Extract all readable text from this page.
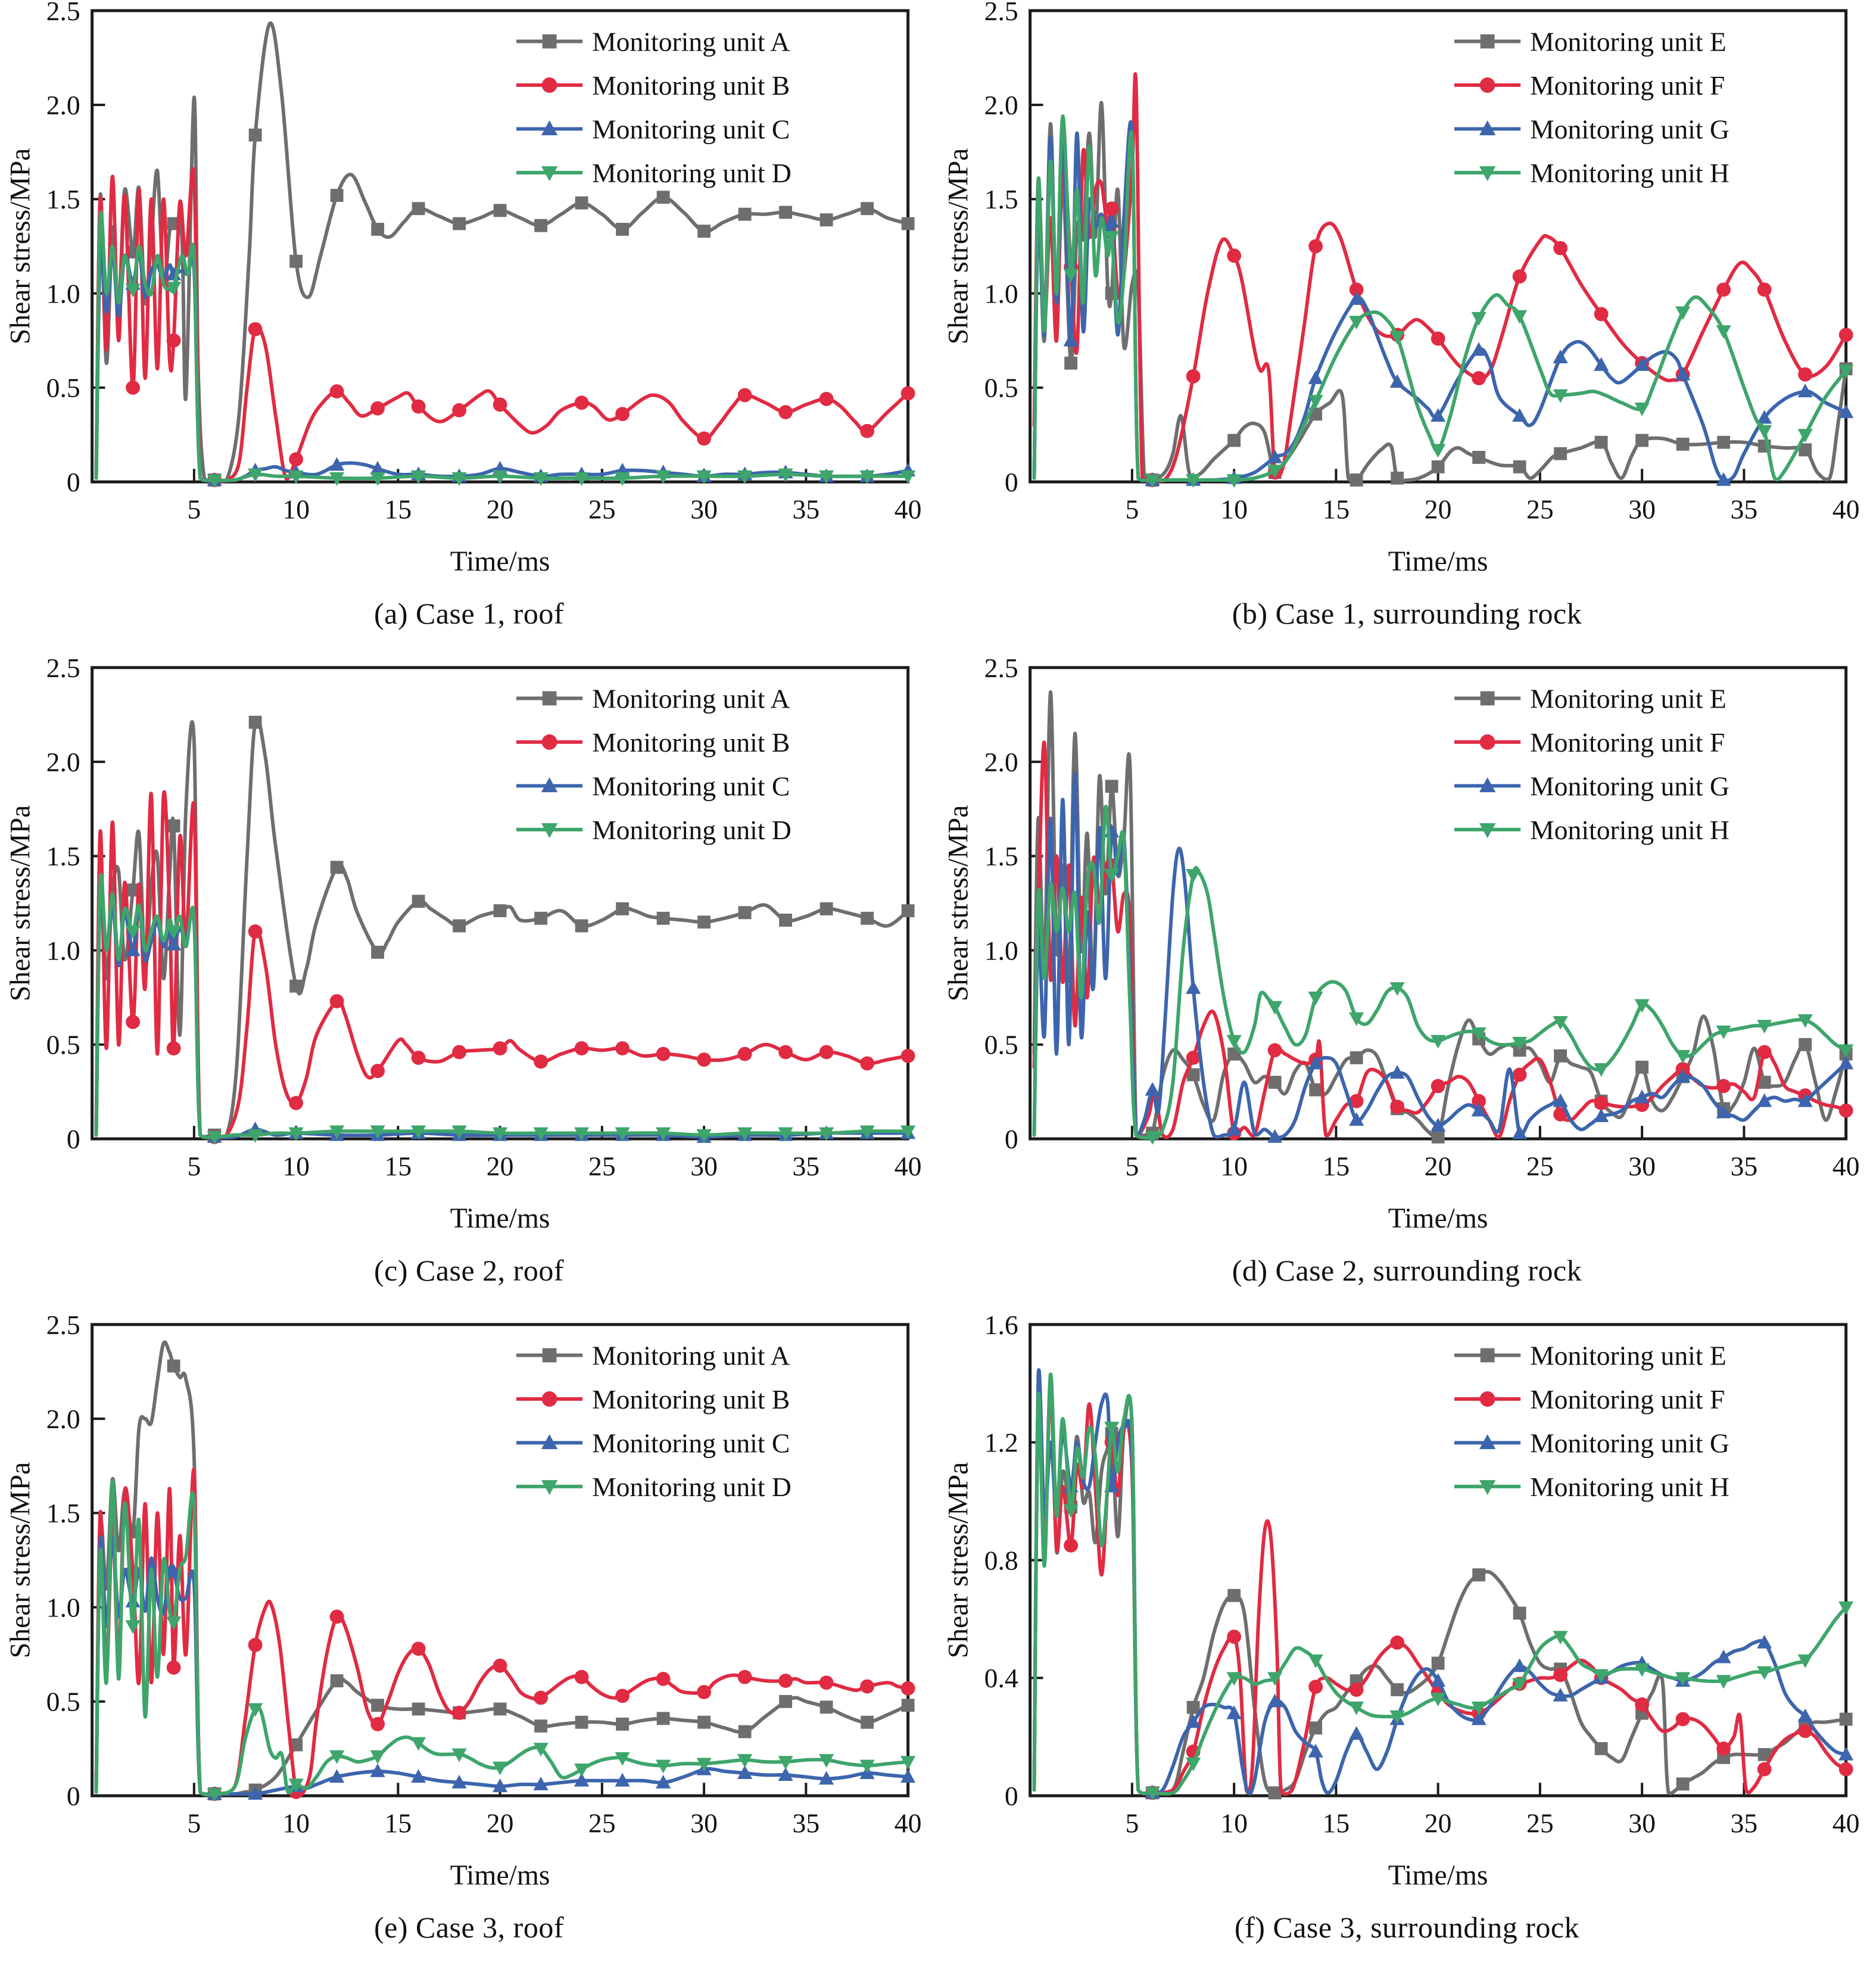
5	10	15	20	25	30	35	40
0
0.5
1.0
1.5
2.0
2.5
Shear stress/MPa
Time/ms
Monitoring unit A
Monitoring unit B
Monitoring unit C
Monitoring unit D
(a) Case 1, roof
5	10	15	20	25	30	35	40
0
0.5
1.0
1.5
2.0
2.5
Shear stress/MPa
Time/ms
Monitoring unit E
Monitoring unit F
Monitoring unit G
Monitoring unit H
(b) Case 1, surrounding rock
5	10	15	20	25	30	35	40
0
0.5
1.0
1.5
2.0
2.5
Shear stress/MPa
Time/ms
Monitoring unit A
Monitoring unit B
Monitoring unit C
Monitoring unit D
(c) Case 2, roof
5	10	15	20	25	30	35	40
0
0.5
1.0
1.5
2.0
2.5
Shear stress/MPa
Time/ms
Monitoring unit E
Monitoring unit F
Monitoring unit G
Monitoring unit H
(d) Case 2, surrounding rock
5	10	15	20	25	30	35	40
0
0.5
1.0
1.5
2.0
2.5
Shear stress/MPa
Time/ms
Monitoring unit A
Monitoring unit B
Monitoring unit C
Monitoring unit D
(e) Case 3, roof
5	10	15	20	25	30	35	40
0
0.4
0.8
1.2
1.6
Shear stress/MPa
Time/ms
Monitoring unit E
Monitoring unit F
Monitoring unit G
Monitoring unit H
(f) Case 3, surrounding rock
